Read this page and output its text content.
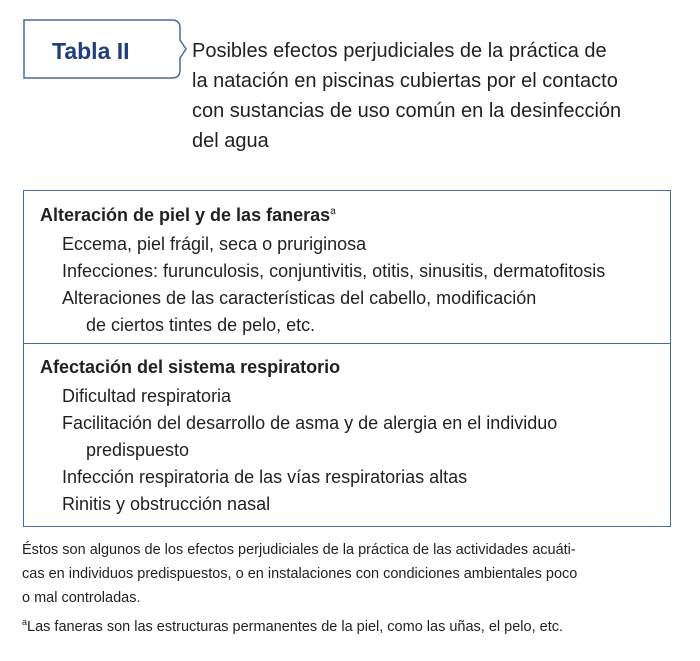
Tabla II	Posibles efectos perjudiciales de la práctica de
la natación en piscinas cubiertas por el contacto
con sustancias de uso común en la desinfección
del agua
Alteración de piel y de las faneras$^a$
Eccema, piel frágil, seca o pruriginosa
Infecciones: furunculosis, conjuntivitis, otitis, sinusitis, dermatofitosis
Alteraciones de las características del cabello, modificación
de ciertos tintes de pelo, etc.
Afectación del sistema respiratorio
Dificultad respiratoria
Facilitación del desarrollo de asma y de alergia en el individuo
predispuesto
Infección respiratoria de las vías respiratorias altas
Rinitis y obstrucción nasal
Éstos son algunos de los efectos perjudiciales de la práctica de las actividades acuáti-
cas en individuos predispuestos, o en instalaciones con condiciones ambientales poco
o mal controladas.
$^a$Las faneras son las estructuras permanentes de la piel, como las uñas, el pelo, etc.
